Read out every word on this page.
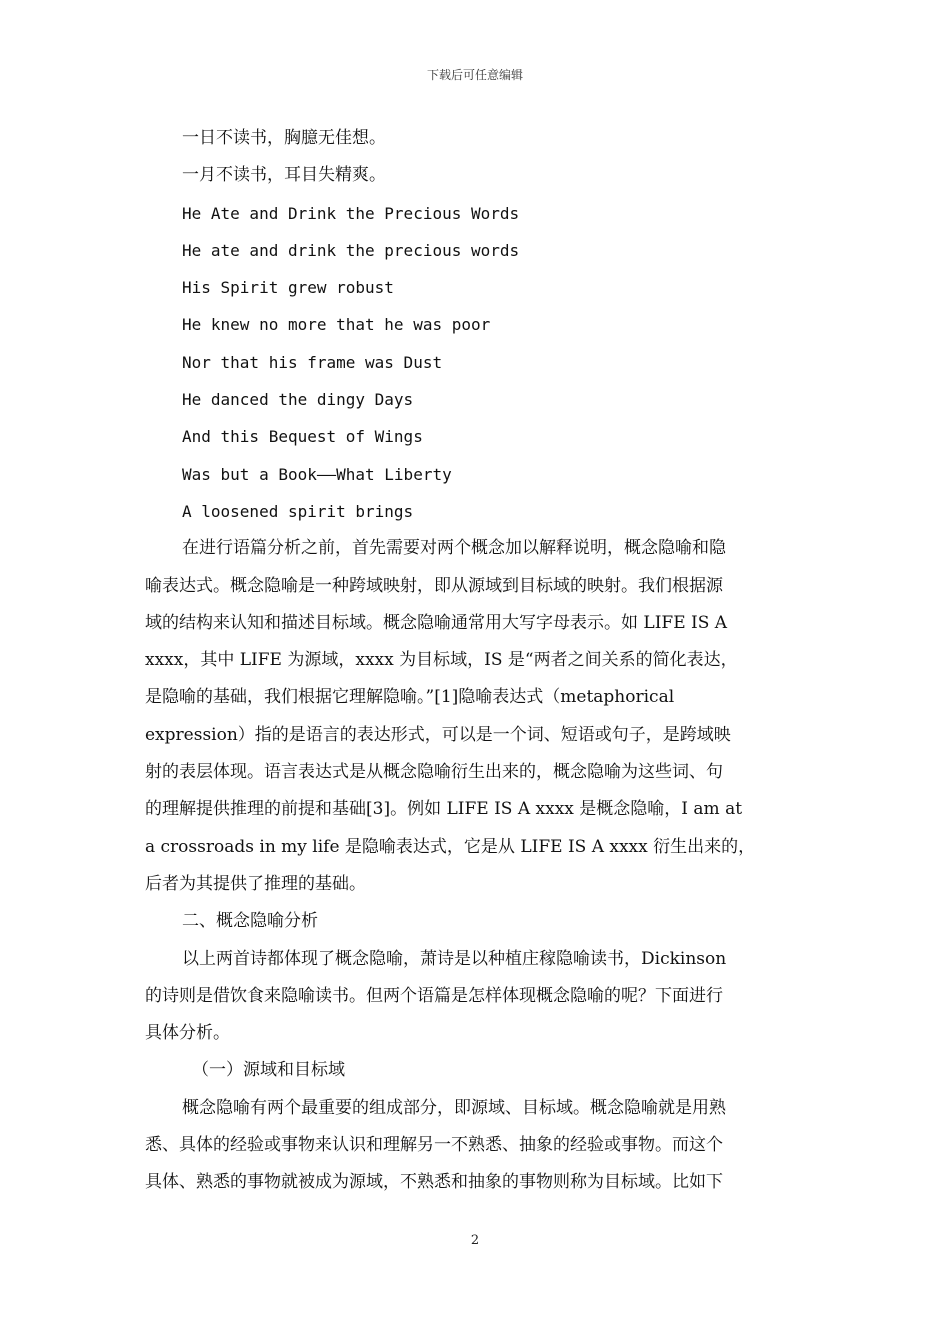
下载后可任意编辑
一日不读书，胸臆无佳想。
一月不读书，耳目失精爽。
He Ate and Drink the Precious Words
He ate and drink the precious words
His Spirit grew robust
He knew no more that he was poor
Nor that his frame was Dust
He danced the dingy Days
And this Bequest of Wings
Was but a Book——What Liberty
A loosened spirit brings
在进行语篇分析之前，首先需要对两个概念加以解释说明，概念隐喻和隐
喻表达式。概念隐喻是一种跨域映射，即从源域到目标域的映射。我们根据源
域的结构来认知和描述目标域。概念隐喻通常用大写字母表示。如 LIFE IS A
xxxx，其中 LIFE 为源域，xxxx 为目标域，IS 是“两者之间关系的简化表达，
是隐喻的基础，我们根据它理解隐喻。”[1]隐喻表达式（metaphorical
expression）指的是语言的表达形式，可以是一个词、短语或句子，是跨域映
射的表层体现。语言表达式是从概念隐喻衍生出来的，概念隐喻为这些词、句
的理解提供推理的前提和基础[3]。例如 LIFE IS A xxxx 是概念隐喻，I am at
a crossroads in my life 是隐喻表达式，它是从 LIFE IS A xxxx 衍生出来的，
后者为其提供了推理的基础。
二、概念隐喻分析
以上两首诗都体现了概念隐喻，萧诗是以种植庄稼隐喻读书，Dickinson
的诗则是借饮食来隐喻读书。但两个语篇是怎样体现概念隐喻的呢？下面进行
具体分析。
（一）源域和目标域
概念隐喻有两个最重要的组成部分，即源域、目标域。概念隐喻就是用熟
悉、具体的经验或事物来认识和理解另一不熟悉、抽象的经验或事物。而这个
具体、熟悉的事物就被成为源域，不熟悉和抽象的事物则称为目标域。比如下
2
